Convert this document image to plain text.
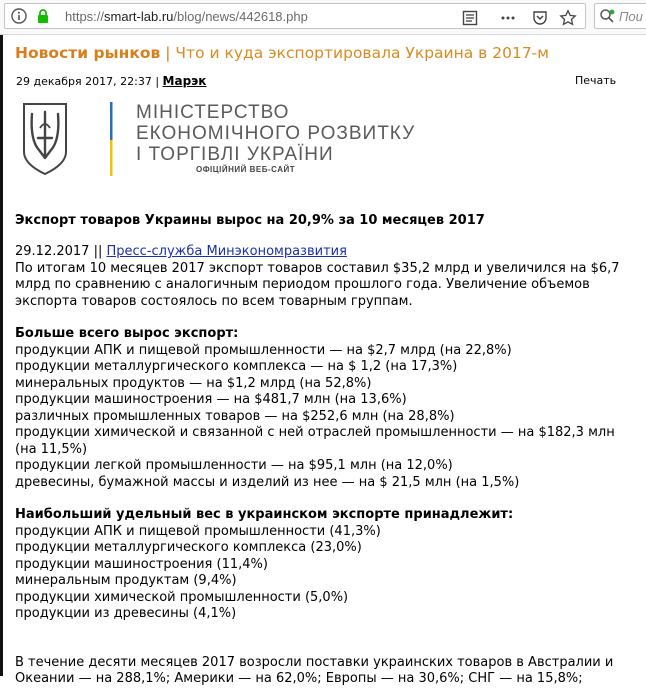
https://smart-lab.ru/blog/news/442618.php	Пои
Новости рынков | Что и куда экспортировала Украина в 2017-м
29 декабря 2017, 22:37 | Марэк	Печать
МІНІСТЕРСТВО
ЕКОНОМІЧНОГО РОЗВИТКУ
І ТОРГІВЛІ УКРАЇНИ
ОФІЦІЙНИЙ ВЕБ-САЙТ
Экспорт товаров Украины вырос на 20,9% за 10 месяцев 2017

29.12.2017 || Пресс-служба Минэкономразвития

По итогам 10 месяцев 2017 экспорт товаров составил $35,2 млрд и увеличился на $6,7 млрд по сравнению с аналогичным периодом прошлого года. Увеличение объемов экспорта товаров состоялось по всем товарным группам.

Больше всего вырос экспорт:

продукции АПК и пищевой промышленности — на $2,7 млрд (на 22,8%)

продукции металлургического комплекса — на $ 1,2 (на 17,3%)

минеральных продуктов — на $1,2 млрд (на 52,8%)

продукции машиностроения — на $481,7 млн (на 13,6%)

различных промышленных товаров — на $252,6 млн (на 28,8%)

продукции химической и связанной с ней отраслей промышленности — на $182,3 млн (на 11,5%)

продукции легкой промышленности — на $95,1 млн (на 12,0%)

древесины, бумажной массы и изделий из нее — на $ 21,5 млн (на 1,5%)

Наибольший удельный вес в украинском экспорте принадлежит:

продукции АПК и пищевой промышленности (41,3%)

продукции металлургического комплекса (23,0%)

продукции машиностроения (11,4%)

минеральным продуктам (9,4%)

продукции химической промышленности (5,0%)

продукции из древесины (4,1%)

В течение десяти месяцев 2017 возросли поставки украинских товаров в Австралии и Океании — на 288,1%; Америки — на 62,0%; Европы — на 30,6%; СНГ — на 15,8%;
